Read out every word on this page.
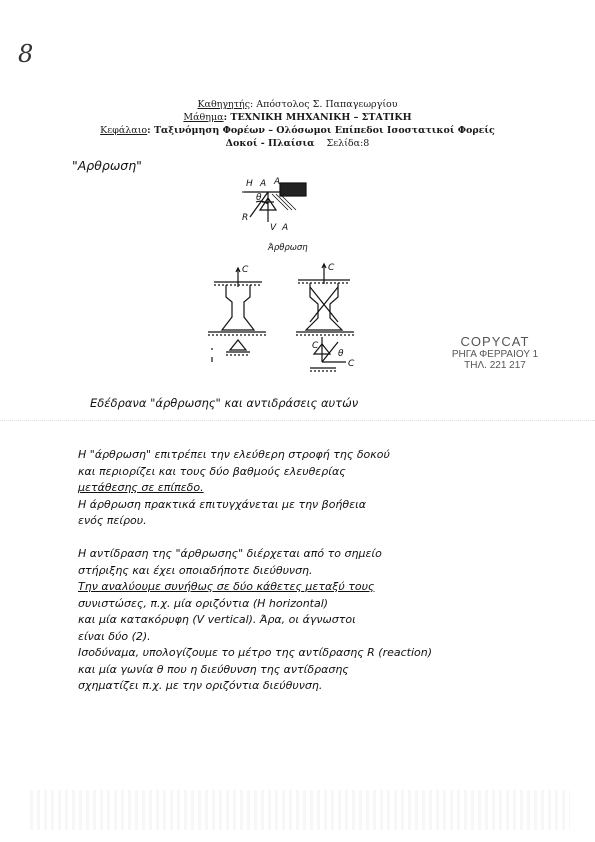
8
Καθηγητής: Απόστολος Σ. Παπαγεωργίου
Μάθημα: ΤΕΧΝΙΚΗ ΜΗΧΑΝΙΚΗ – ΣΤΑΤΙΚΗ
Κεφάλαιο: Ταξινόμηση Φορέων – Ολόσωμοι Επίπεδοι Ισοστατικοί Φορείς
Δοκοί - Πλαίσια Σελίδα:8
"Αρθρωση"
H A A
θ
R
V A
Άρθρωση
C	C
C
C
θ
COPYCAT
ΡΗΓΑ ΦΕΡΡΑΙΟΥ 1
ΤΗΛ. 221 217
Εδέδρανα "άρθρωσης" και αντιδράσεις αυτών
Η "άρθρωση" επιτρέπει την ελεύθερη στροφή της δοκού
και περιορίζει και τους δύο βαθμούς ελευθερίας
μετάθεσης σε επίπεδο.
Η άρθρωση πρακτικά επιτυγχάνεται με την βοήθεια
ενός πείρου.
Η αντίδραση της "άρθρωσης" διέρχεται από το σημείο
στήριξης και έχει οποιαδήποτε διεύθυνση.
Την αναλύουμε συνήθως σε δύο κάθετες μεταξύ τους
συνιστώσες, π.χ. μία οριζόντια (H horizontal)
και μία κατακόρυφη (V vertical). Άρα, οι άγνωστοι
είναι δύο (2).
Ισοδύναμα, υπολογίζουμε το μέτρο της αντίδρασης R (reaction)
και μία γωνία θ που η διεύθυνση της αντίδρασης
σχηματίζει π.χ. με την οριζόντια διεύθυνση.
